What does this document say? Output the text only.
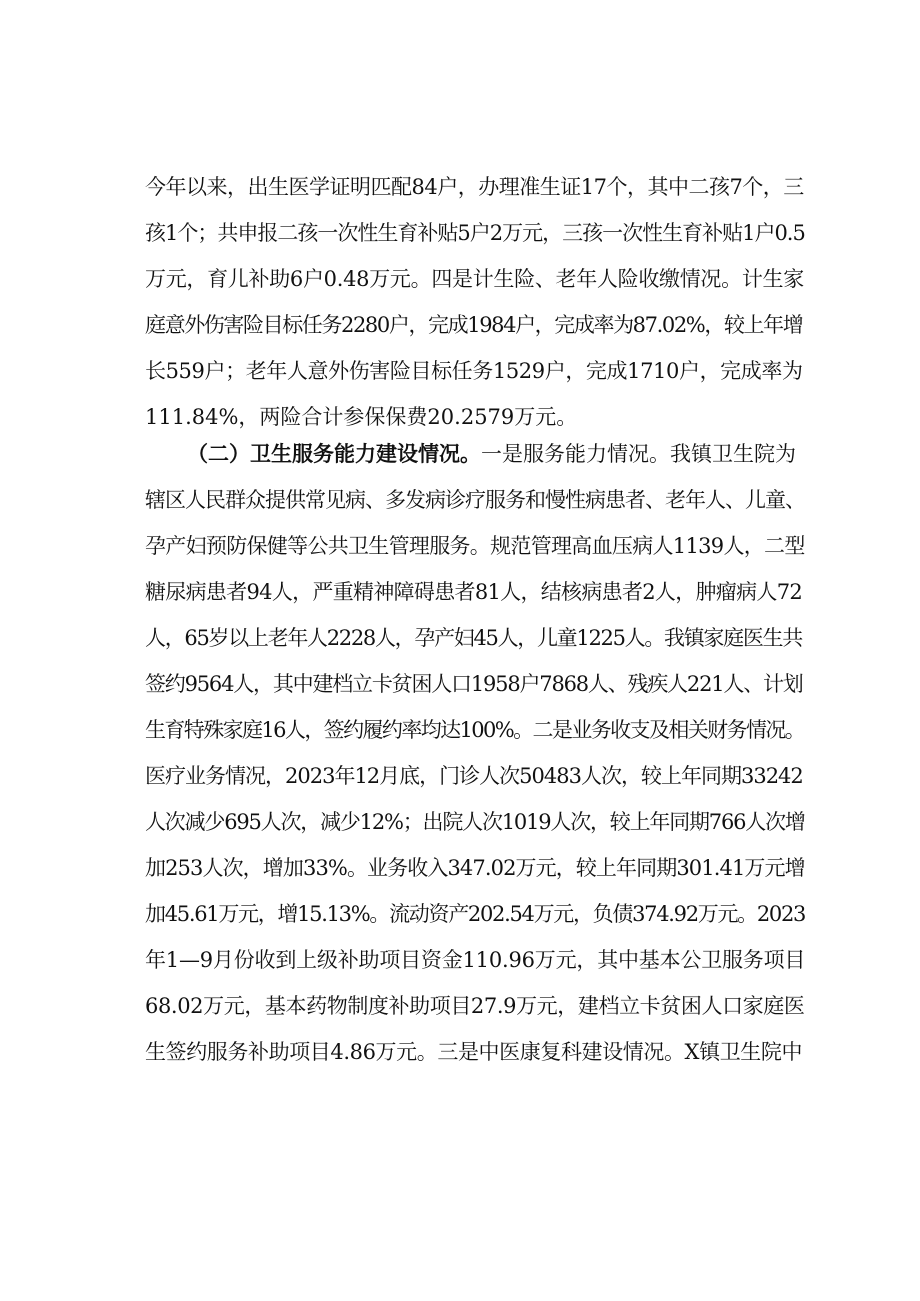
今年以来，出生医学证明匹配84户，办理准生证17个，其中二孩7个，三
孩1个；共申报二孩一次性生育补贴5户2万元，三孩一次性生育补贴1户0.5
万元，育儿补助6户0.48万元。四是计生险、老年人险收缴情况。计生家
庭意外伤害险目标任务2280户，完成1984户，完成率为87.02%，较上年增
长559户；老年人意外伤害险目标任务1529户，完成1710户，完成率为
111.84%，两险合计参保保费20.2579万元。
（二）卫生服务能力建设情况。一是服务能力情况。我镇卫生院为
辖区人民群众提供常见病、多发病诊疗服务和慢性病患者、老年人、儿童、
孕产妇预防保健等公共卫生管理服务。规范管理高血压病人1139人，二型
糖尿病患者94人，严重精神障碍患者81人，结核病患者2人，肿瘤病人72
人，65岁以上老年人2228人，孕产妇45人，儿童1225人。我镇家庭医生共
签约9564人，其中建档立卡贫困人口1958户7868人、残疾人221人、计划
生育特殊家庭16人，签约履约率均达100%。二是业务收支及相关财务情况。
医疗业务情况，2023年12月底，门诊人次50483人次，较上年同期33242
人次减少695人次，减少12%；出院人次1019人次，较上年同期766人次增
加253人次，增加33%。业务收入347.02万元，较上年同期301.41万元增
加45.61万元，增15.13%。流动资产202.54万元，负债374.92万元。2023
年1—9月份收到上级补助项目资金110.96万元，其中基本公卫服务项目
68.02万元，基本药物制度补助项目27.9万元，建档立卡贫困人口家庭医
生签约服务补助项目4.86万元。三是中医康复科建设情况。X镇卫生院中
